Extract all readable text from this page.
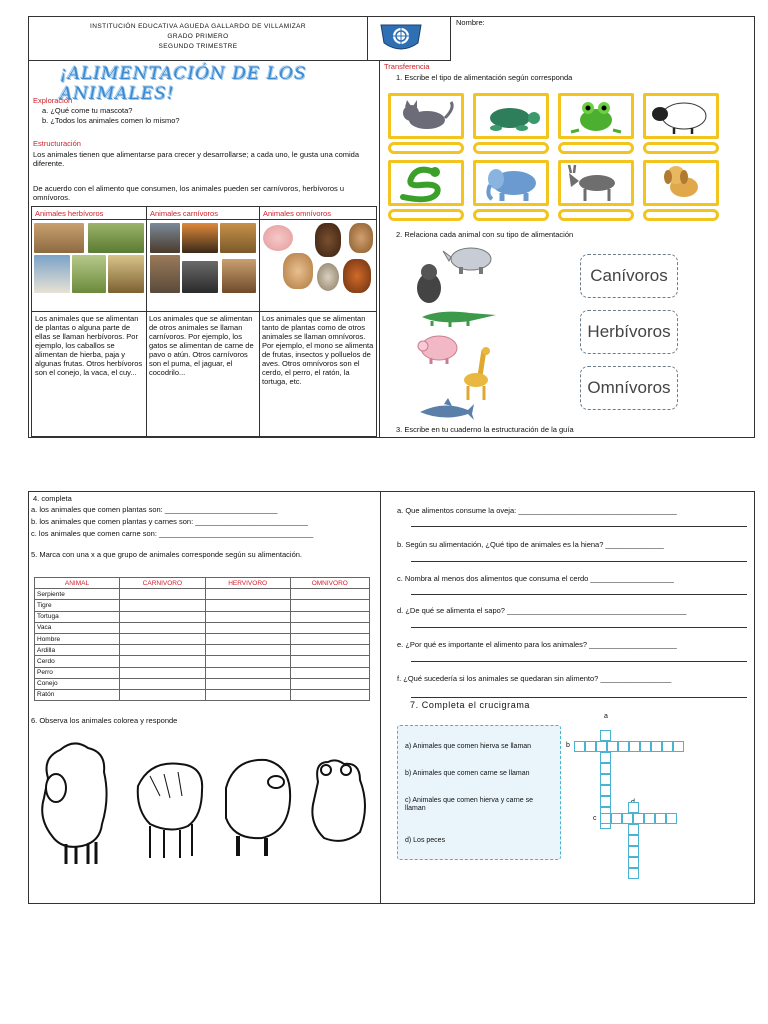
INSTITUCIÓN EDUCATIVA AGUEDA GALLARDO DE VILLAMIZAR
GRADO PRIMERO
SEGUNDO TRIMESTRE
Nombre:
¡ALIMENTACIÓN DE LOS ANIMALES!
Exploración
a. ¿Qué come tu mascota?
b. ¿Todos los animales comen lo mismo?
Estructuración
Los animales tienen que alimentarse para crecer y desarrollarse; a cada uno, le gusta una comida diferente.
De acuerdo con el alimento que consumen, los animales pueden ser carnívoros, herbívoros u omnívoros.
Animales herbívoros	Animales carnívoros	Animales omnívoros
Los animales que se alimentan de plantas o alguna parte de ellas se llaman herbívoros. Por ejemplo, los caballos se alimentan de hierba, paja y algunas frutas. Otros herbívoros son el conejo, la vaca, el cuy...
Los animales que se alimentan de otros animales se llaman carnívoros. Por ejemplo, los gatos se alimentan de carne de pavo o atún. Otros carnívoros son el puma, el jaguar, el cocodrilo...
Los animales que se alimentan tanto de plantas como de otros animales se llaman omnívoros. Por ejemplo, el mono se alimenta de frutas, insectos y polluelos de aves. Otros omnívoros son el cerdo, el perro, el ratón, la tortuga, etc.
Transferencia
1. Escribe el tipo de alimentación según corresponda
2. Relaciona cada animal con su tipo de alimentación
Canívoros
Herbívoros
Omnívoros
3. Escribe en tu cuaderno la estructuración de la guía
4. completa
a. los animales que comen plantas son: ___________________________
b. los animales que comen plantas y carnes son: ___________________________
c. los animales que comen carne son: _____________________________________
5. Marca con una x a que grupo de animales corresponde según su alimentación.
ANIMAL	CARNIVORO	HERVIVORO	OMNIVORO
Serpiente			
Tigre			
Tortuga			
Vaca			
Hombre			
Ardilla			
Cerdo			
Perro			
Conejo			
Ratón			
6. Observa los animales colorea y responde
a. Que alimentos consume la oveja: ______________________________________
b. Según su alimentación, ¿Qué tipo de animales es la hiena? ______________
c. Nombra al menos dos alimentos que consuma el cerdo ____________________
d. ¿De qué se alimenta el sapo? ___________________________________________
e. ¿Por qué es importante el alimento para los animales? _____________________
f. ¿Qué sucedería si los animales se quedaran sin alimento? _________________
7. Completa el crucigrama
a) Animales que comen hierva se llaman
b) Animales que comen carne se llaman
c) Animales que comen hierva y carne se llaman
d) Los peces
a
b
c
